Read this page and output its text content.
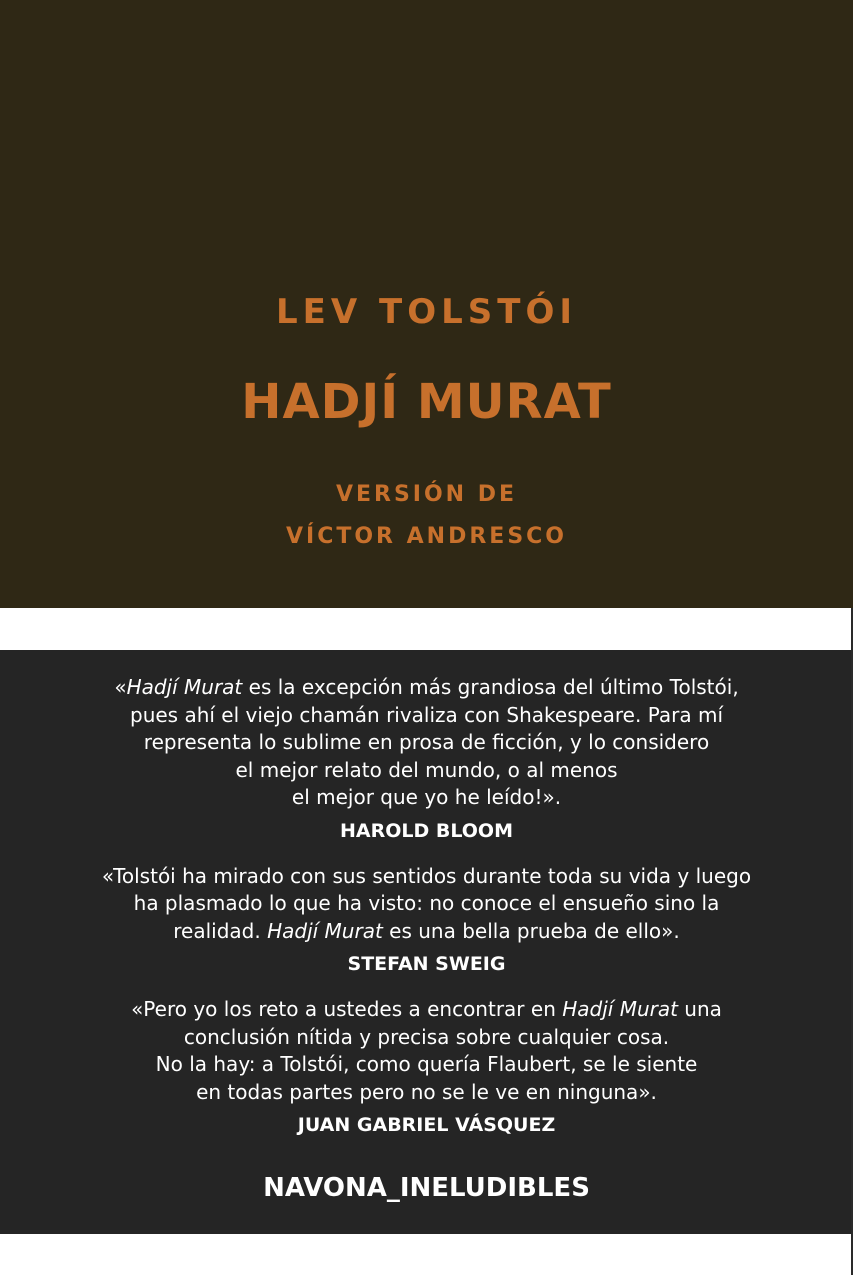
LEV TOLSTÓI
HADJÍ MURAT
VERSIÓN DE
VÍCTOR ANDRESCO

«Hadjí Murat es la excepción más grandiosa del último Tolstói,
pues ahí el viejo chamán rivaliza con Shakespeare. Para mí
representa lo sublime en prosa de ficción, y lo considero
el mejor relato del mundo, o al menos
el mejor que yo he leído!».

HAROLD BLOOM

«Tolstói ha mirado con sus sentidos durante toda su vida y luego
ha plasmado lo que ha visto: no conoce el ensueño sino la
realidad. Hadjí Murat es una bella prueba de ello».

STEFAN SWEIG

«Pero yo los reto a ustedes a encontrar en Hadjí Murat una
conclusión nítida y precisa sobre cualquier cosa.
No la hay: a Tolstói, como quería Flaubert, se le siente
en todas partes pero no se le ve en ninguna».

JUAN GABRIEL VÁSQUEZ
NAVONA_INELUDIBLES
